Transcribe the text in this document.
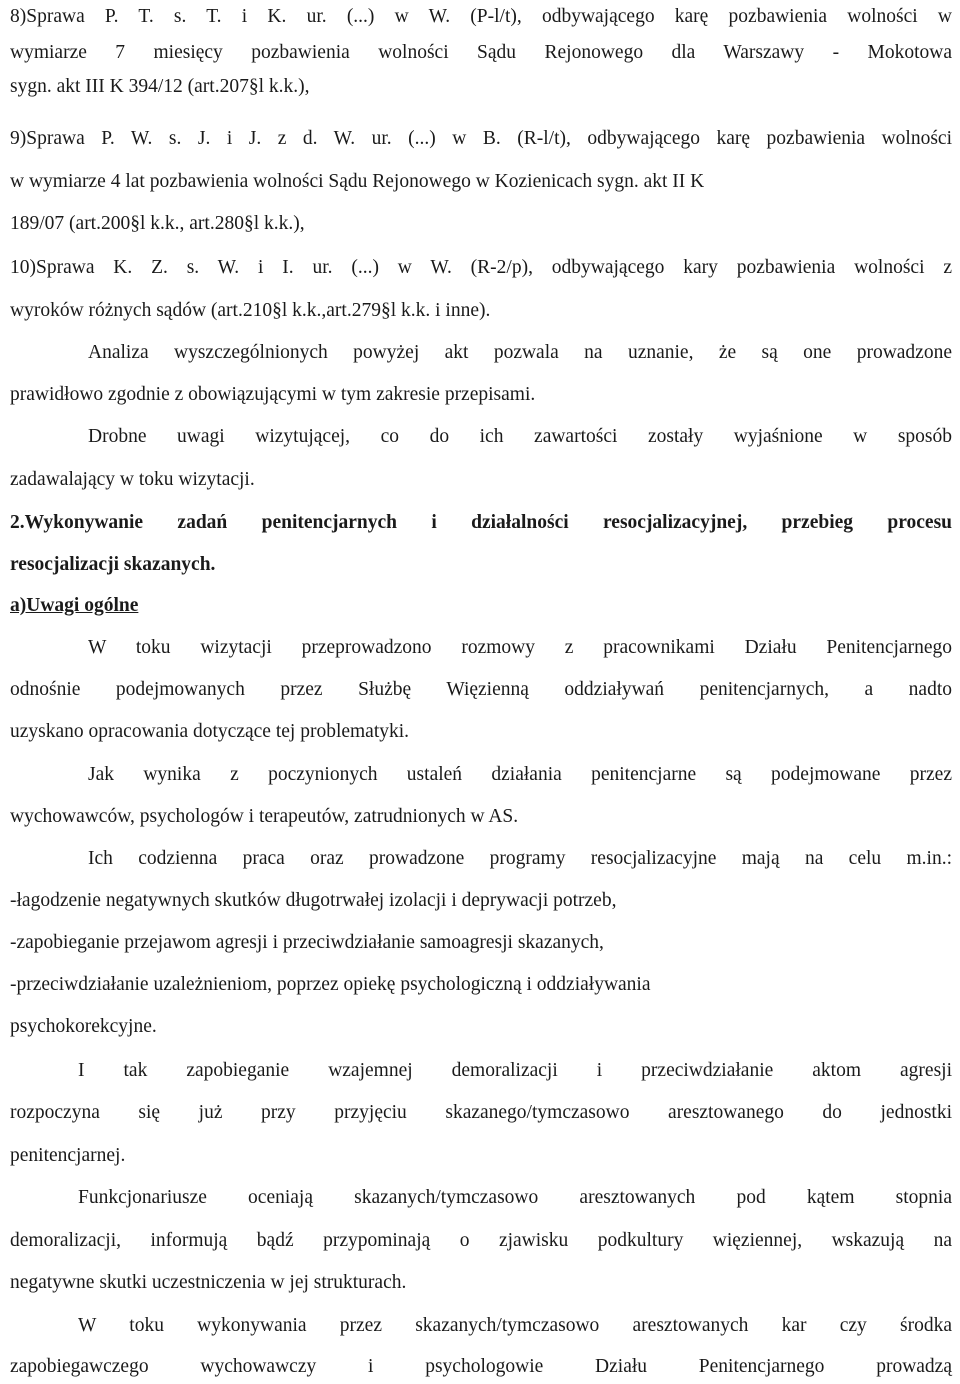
8)Sprawa P. T. s. T. i K. ur. (...) w W. (P-l/t), odbywającego karę pozbawienia wolności w
wymiarze 7 miesięcy pozbawienia wolności Sądu Rejonowego dla Warszawy - Mokotowa
sygn. akt III K 394/12 (art.207§l k.k.),
9)Sprawa P. W. s. J. i J. z d. W. ur. (...) w B. (R-l/t), odbywającego karę pozbawienia wolności
w wymiarze 4 lat pozbawienia wolności Sądu Rejonowego w Kozienicach sygn. akt II K
189/07 (art.200§l k.k., art.280§l k.k.),
10)Sprawa K. Z. s. W. i I. ur. (...) w W. (R-2/p), odbywającego kary pozbawienia wolności z
wyroków różnych sądów (art.210§l k.k.,art.279§l k.k. i inne).
Analiza wyszczególnionych powyżej akt pozwala na uznanie, że są one prowadzone
prawidłowo zgodnie z obowiązującymi w tym zakresie przepisami.
Drobne uwagi wizytującej, co do ich zawartości zostały wyjaśnione w sposób
zadawalający w toku wizytacji.
2.Wykonywanie zadań penitencjarnych i działalności resocjalizacyjnej, przebieg procesu
resocjalizacji skazanych.
a)Uwagi ogólne
W toku wizytacji przeprowadzono rozmowy z pracownikami Działu Penitencjarnego
odnośnie podejmowanych przez Służbę Więzienną oddziaływań penitencjarnych, a nadto
uzyskano opracowania dotyczące tej problematyki.
Jak wynika z poczynionych ustaleń działania penitencjarne są podejmowane przez
wychowawców, psychologów i terapeutów, zatrudnionych w AS.
Ich codzienna praca oraz prowadzone programy resocjalizacyjne mają na celu m.in.:
-łagodzenie negatywnych skutków długotrwałej izolacji i deprywacji potrzeb,
-zapobieganie przejawom agresji i przeciwdziałanie samoagresji skazanych,
-przeciwdziałanie uzależnieniom, poprzez opiekę psychologiczną i oddziaływania
psychokorekcyjne.
I tak zapobieganie wzajemnej demoralizacji i przeciwdziałanie aktom agresji
rozpoczyna się już przy przyjęciu skazanego/tymczasowo aresztowanego do jednostki
penitencjarnej.
Funkcjonariusze oceniają skazanych/tymczasowo aresztowanych pod kątem stopnia
demoralizacji, informują bądź przypominają o zjawisku podkultury więziennej, wskazują na
negatywne skutki uczestniczenia w jej strukturach.
W toku wykonywania przez skazanych/tymczasowo aresztowanych kar czy środka
zapobiegawczego wychowawczy i psychologowie Działu Penitencjarnego prowadzą
